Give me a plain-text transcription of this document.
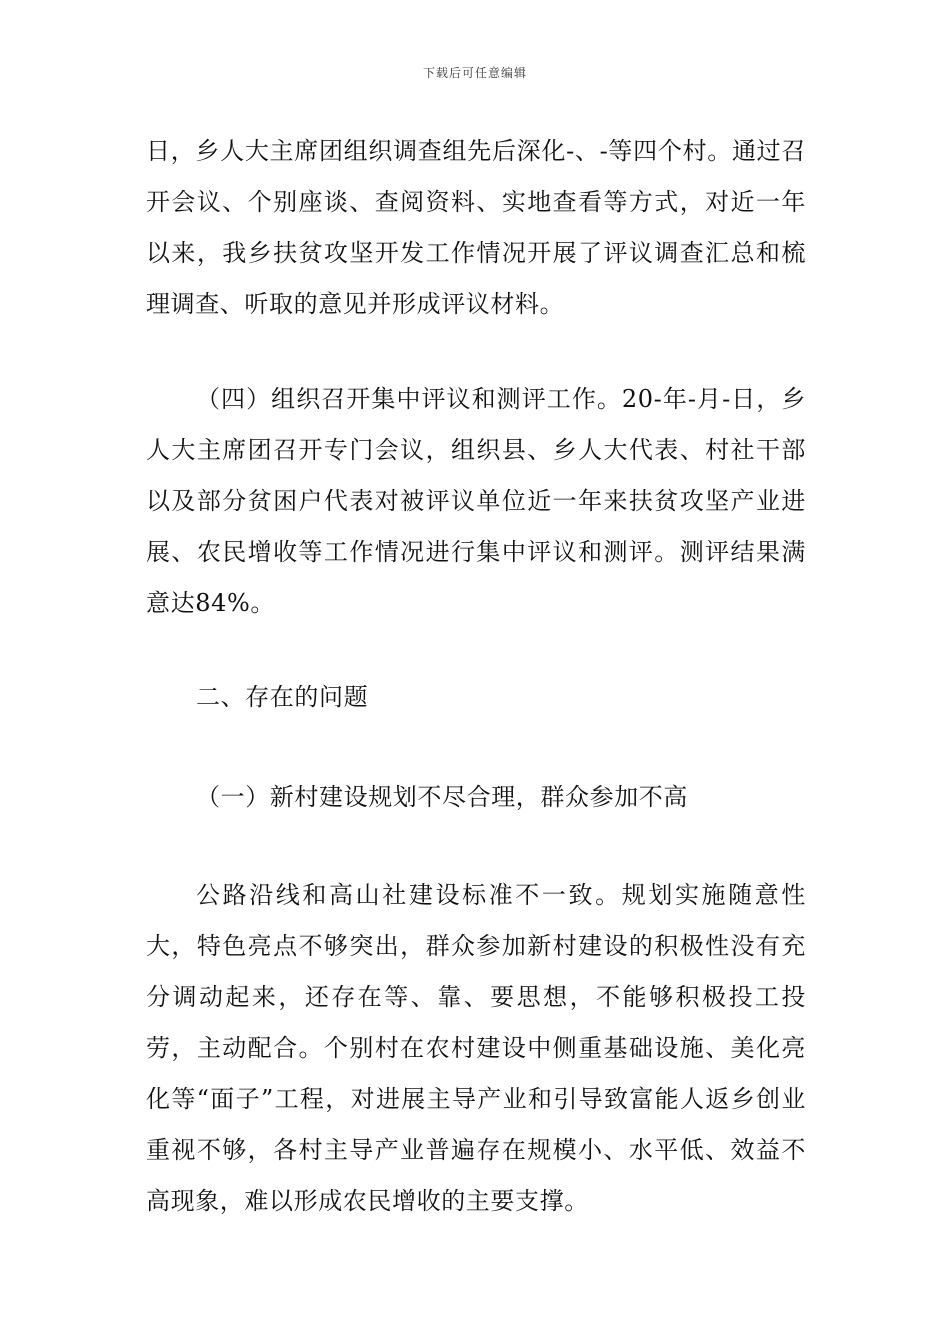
下载后可任意编辑

日，乡人大主席团组织调查组先后深化-、-等四个村。通过召开会议、个别座谈、查阅资料、实地查看等方式，对近一年以来，我乡扶贫攻坚开发工作情况开展了评议调查汇总和梳理调查、听取的意见并形成评议材料。

（四）组织召开集中评议和测评工作。20-年-月-日，乡人大主席团召开专门会议，组织县、乡人大代表、村社干部以及部分贫困户代表对被评议单位近一年来扶贫攻坚产业进展、农民增收等工作情况进行集中评议和测评。测评结果满意达84%。

二、存在的问题

（一）新村建设规划不尽合理，群众参加不高

公路沿线和高山社建设标准不一致。规划实施随意性大，特色亮点不够突出，群众参加新村建设的积极性没有充分调动起来，还存在等、靠、要思想，不能够积极投工投劳，主动配合。个别村在农村建设中侧重基础设施、美化亮化等“面子”工程，对进展主导产业和引导致富能人返乡创业重视不够，各村主导产业普遍存在规模小、水平低、效益不高现象，难以形成农民增收的主要支撑。
